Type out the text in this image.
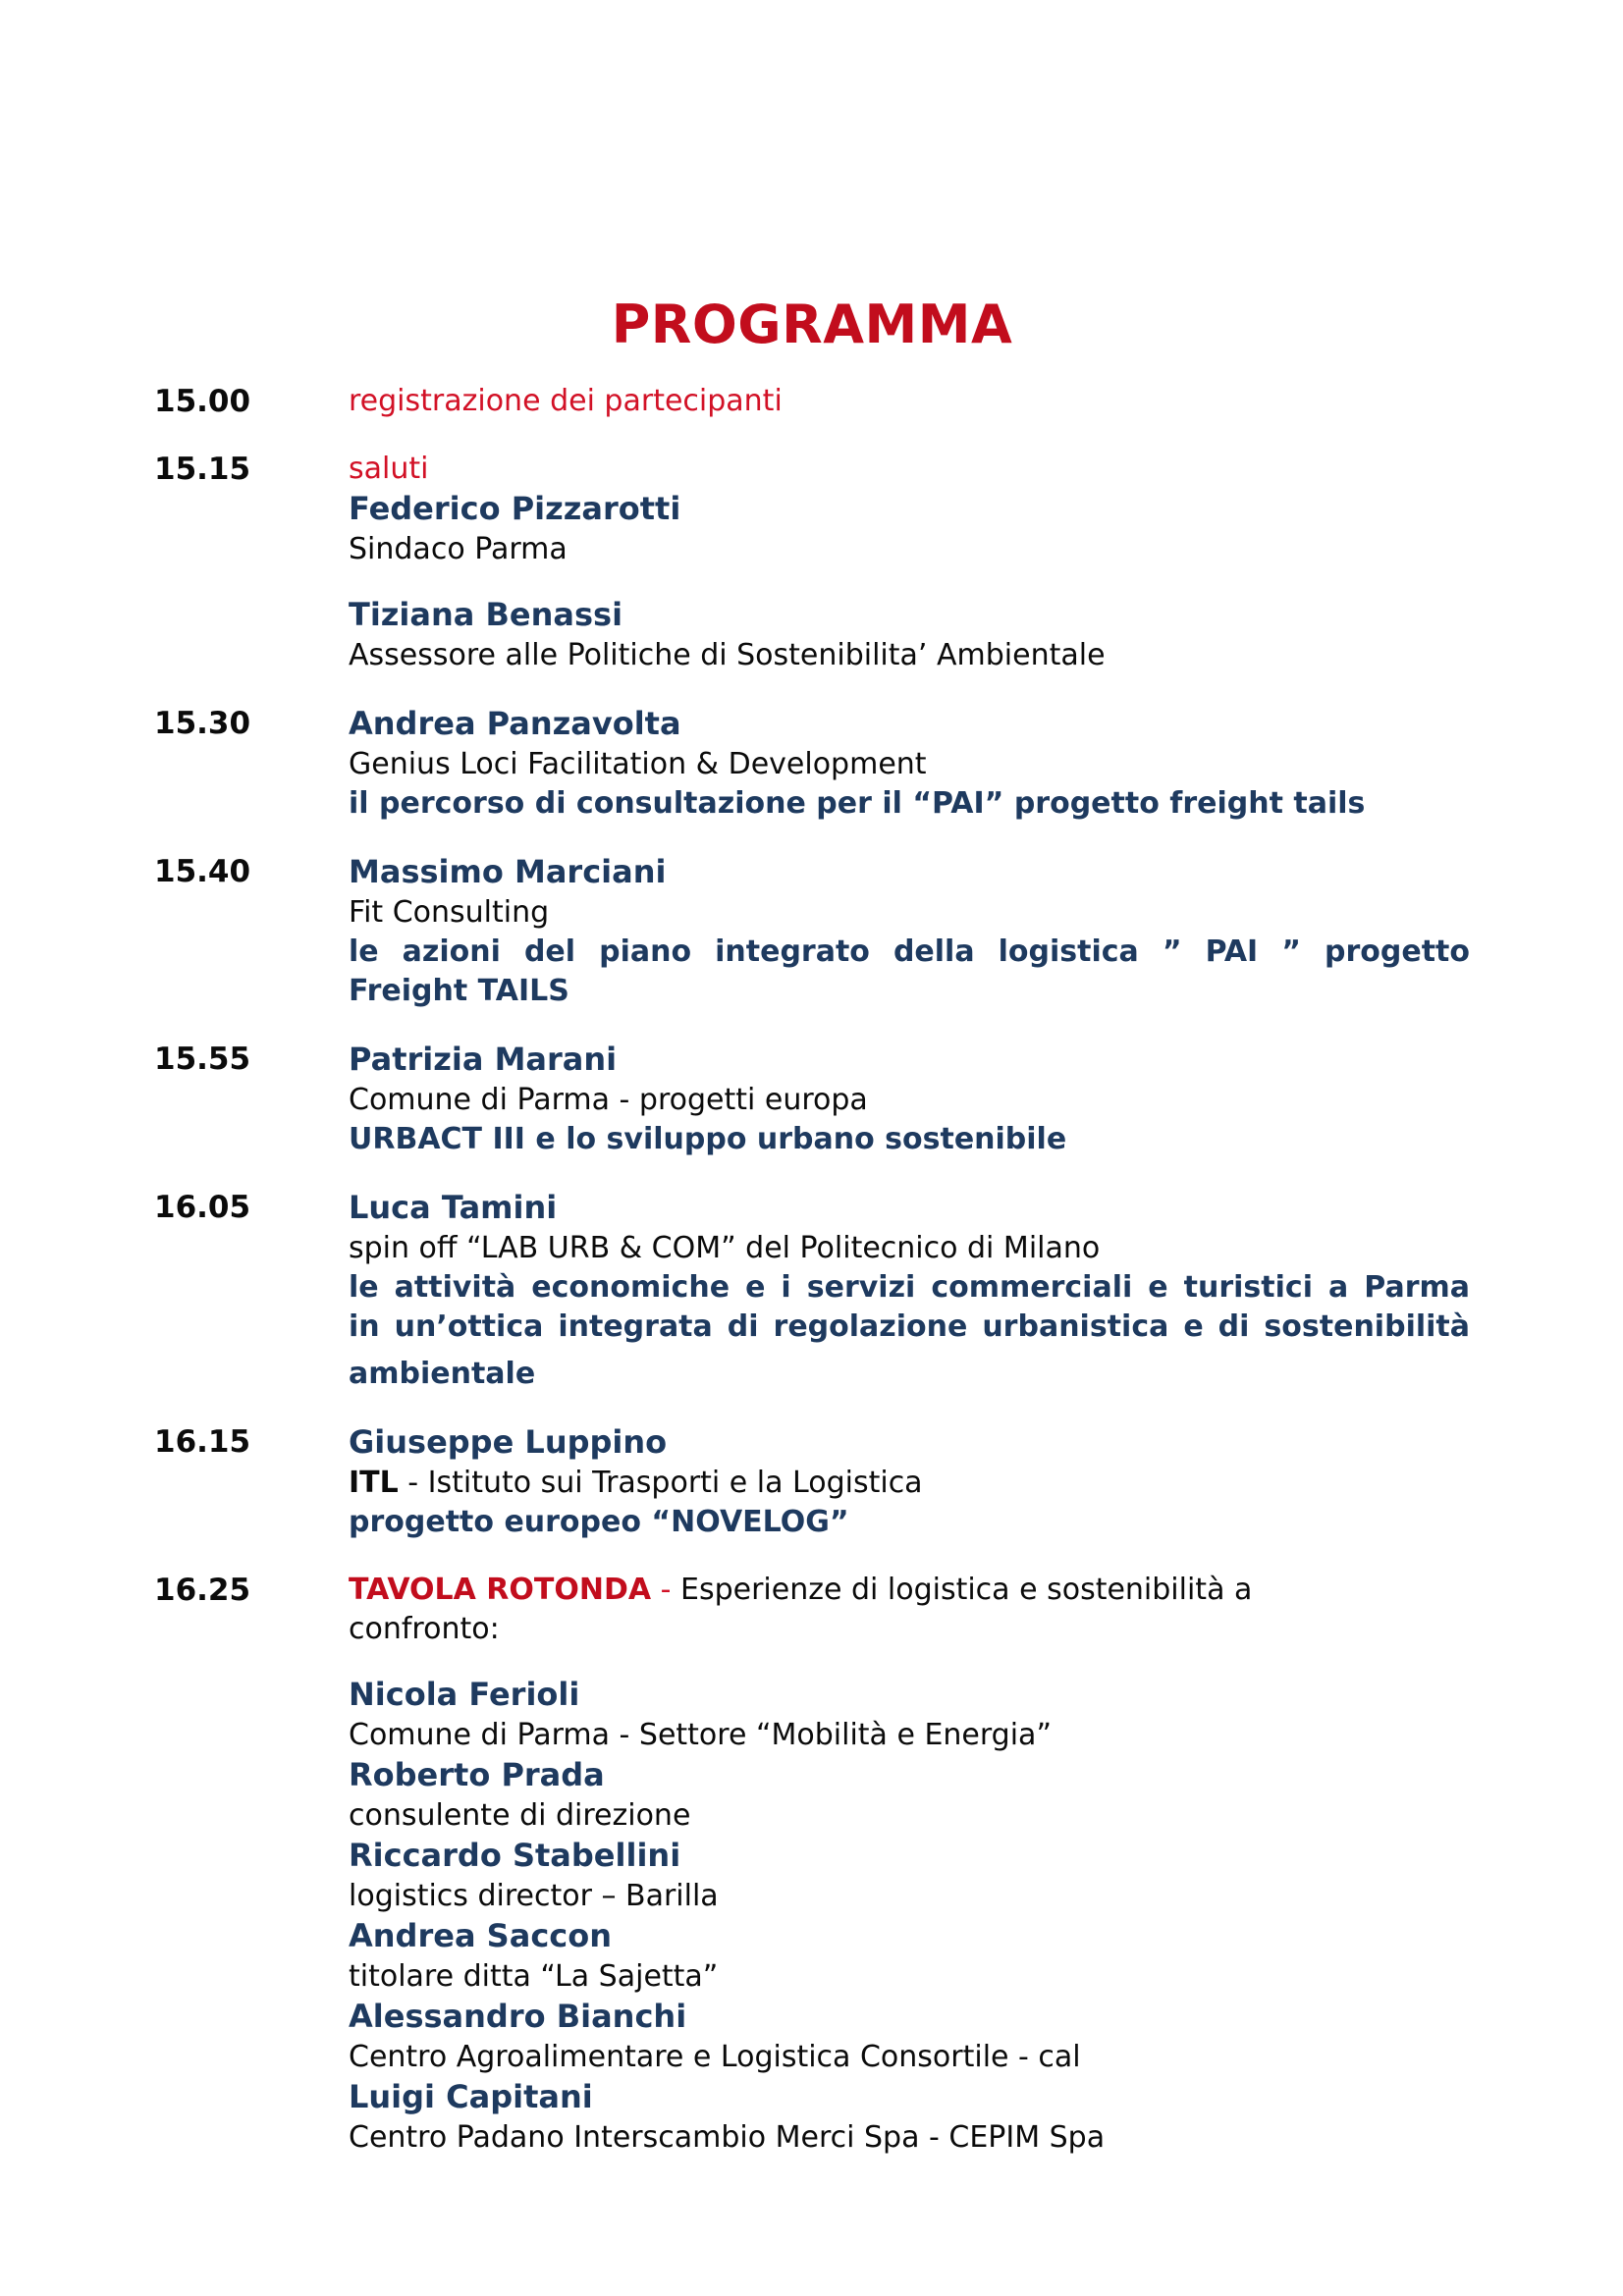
PROGRAMMA
15.00	registrazione dei partecipanti
15.15	saluti
Federico Pizzarotti
Sindaco Parma
Tiziana Benassi
Assessore alle Politiche di Sostenibilita’ Ambientale
15.30	Andrea Panzavolta
Genius Loci Facilitation & Development
il percorso di consultazione per il “PAI” progetto freight tails
15.40	Massimo Marciani
Fit Consulting
le azioni del piano integrato della logistica ” PAI ” progetto
Freight TAILS
15.55	Patrizia Marani
Comune di Parma - progetti europa
URBACT III e lo sviluppo urbano sostenibile
16.05	Luca Tamini
spin off “LAB URB & COM” del Politecnico di Milano
le attività economiche e i servizi commerciali e turistici a Parma
in un’ottica integrata di regolazione urbanistica e di sostenibilità
ambientale
16.15	Giuseppe Luppino
ITL - Istituto sui Trasporti e la Logistica
progetto europeo “NOVELOG”
16.25	TAVOLA ROTONDA - Esperienze di logistica e sostenibilità a
confronto:
Nicola Ferioli
Comune di Parma - Settore “Mobilità e Energia”
Roberto Prada
consulente di direzione
Riccardo Stabellini
logistics director – Barilla
Andrea Saccon
titolare ditta “La Sajetta”
Alessandro Bianchi
Centro Agroalimentare e Logistica Consortile - cal
Luigi Capitani
Centro Padano Interscambio Merci Spa - CEPIM Spa
